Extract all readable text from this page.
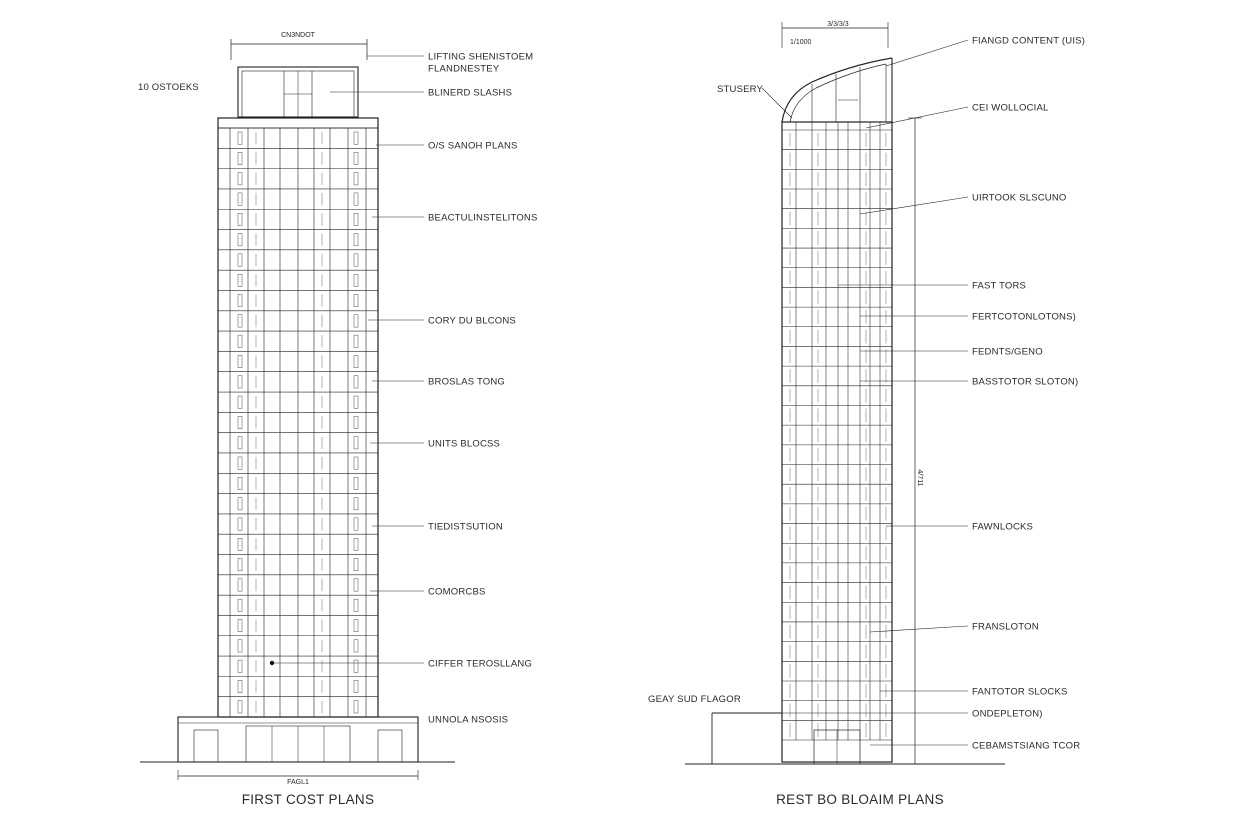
CN3NDOT
10 OSTOEKS
FAGL1
LIFTING SHENISTOEM
FLANDNESTEY
BLINERD SLASHS
O/S SANOH PLANS
BEACTULINSTELITONS
CORY DU BLCONS
BROSLAS TONG
UNITS BLOCSS
TIEDISTSUTION
COMORCBS
CIFFER TEROSLLANG
UNNOLA NSOSIS
FIRST COST PLANS
3/3/3/3
1/1000
4/711
STUSERY
GEAY SUD FLAGOR
FIANGD CONTENT (UIS)
CEI WOLLOCIAL
UIRTOOK SLSCUNO
FAST TORS
FERTCOTONLOTONS)
FEDNTS/GENO
BASSTOTOR SLOTON)
FAWNLOCKS
FRANSLOTON
FANTOTOR SLOCKS
ONDEPLETON)
CEBAMSTSIANG TCOR
REST BO BLOAIM PLANS
